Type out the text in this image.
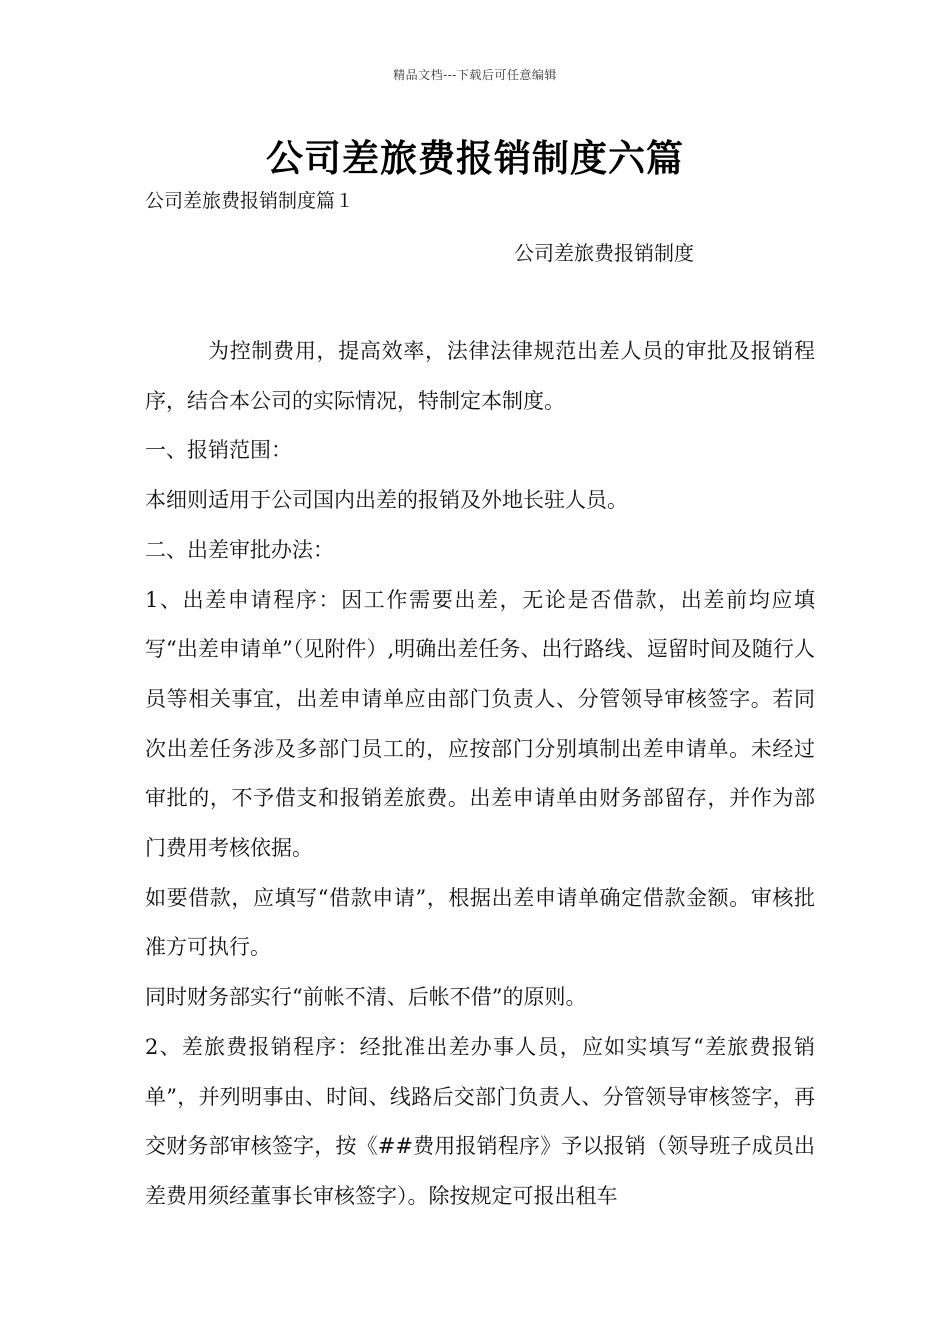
精品文档---下载后可任意编辑
公司差旅费报销制度六篇
公司差旅费报销制度篇１
公司差旅费报销制度

为控制费用，提高效率，法律法律规范出差人员的审批及报销程序，结合本公司的实际情况，特制定本制度。

一、报销范围：

本细则适用于公司国内出差的报销及外地长驻人员。

二、出差审批办法：

1、出差申请程序：因工作需要出差，无论是否借款，出差前均应填写“出差申请单”（见附件）,明确出差任务、出行路线、逗留时间及随行人员等相关事宜，出差申请单应由部门负责人、分管领导审核签字。若同次出差任务涉及多部门员工的，应按部门分别填制出差申请单。未经过审批的，不予借支和报销差旅费。出差申请单由财务部留存，并作为部门费用考核依据。

如要借款，应填写“借款申请”，根据出差申请单确定借款金额。审核批准方可执行。

同时财务部实行“前帐不清、后帐不借”的原则。

2、差旅费报销程序：经批准出差办事人员，应如实填写“差旅费报销单”，并列明事由、时间、线路后交部门负责人、分管领导审核签字，再交财务部审核签字，按《##费用报销程序》予以报销（领导班子成员出差费用须经董事长审核签字）。除按规定可报出租车
